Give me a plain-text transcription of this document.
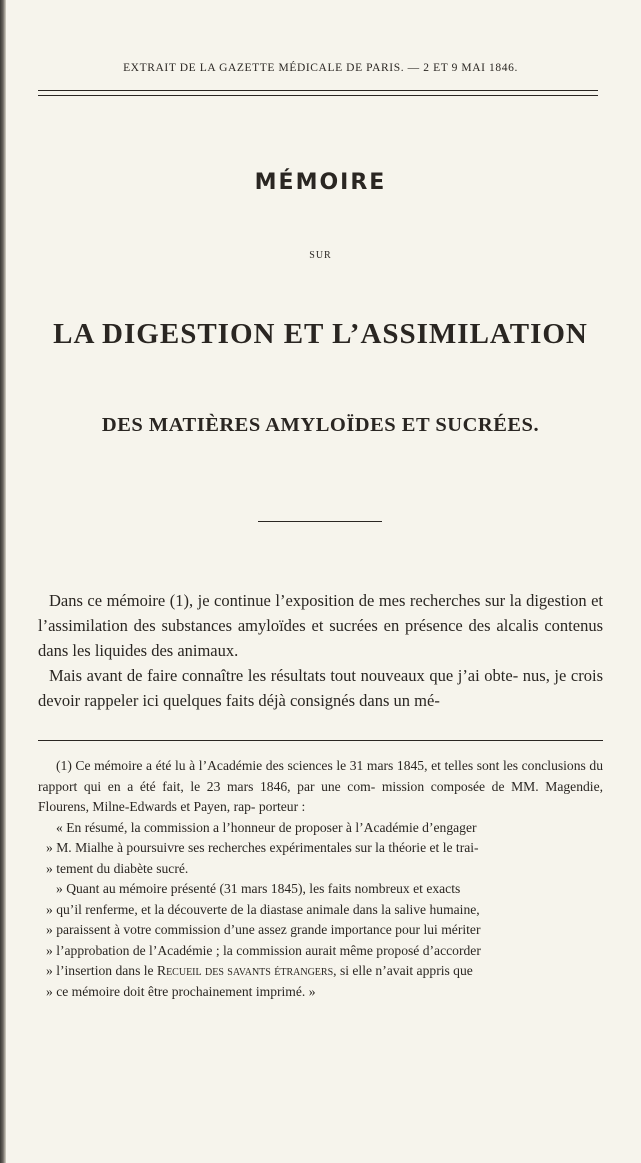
EXTRAIT DE LA GAZETTE MÉDICALE DE PARIS. — 2 ET 9 MAI 1846.
MÉMOIRE
SUR
LA DIGESTION ET L’ASSIMILATION
DES MATIÈRES AMYLOÏDES ET SUCRÉES.

Dans ce mémoire (1), je continue l’exposition de mes recherches sur la digestion et l’assimilation des substances amyloïdes et sucrées en présence des alcalis contenus dans les liquides des animaux.

Mais avant de faire connaître les résultats tout nouveaux que j’ai obte- nus, je crois devoir rappeler ici quelques faits déjà consignés dans un mé-

(1) Ce mémoire a été lu à l’Académie des sciences le 31 mars 1845, et telles sont les conclusions du rapport qui en a été fait, le 23 mars 1846, par une com- mission composée de MM. Magendie, Flourens, Milne-Edwards et Payen, rap- porteur :

« En résumé, la commission a l’honneur de proposer à l’Académie d’engager
» M. Mialhe à poursuivre ses recherches expérimentales sur la théorie et le trai-
» tement du diabète sucré.

» Quant au mémoire présenté (31 mars 1845), les faits nombreux et exacts
» qu’il renferme, et la découverte de la diastase animale dans la salive humaine,
» paraissent à votre commission d’une assez grande importance pour lui mériter
» l’approbation de l’Académie ; la commission aurait même proposé d’accorder
» l’insertion dans le Recueil des savants étrangers, si elle n’avait appris que
» ce mémoire doit être prochainement imprimé. »
